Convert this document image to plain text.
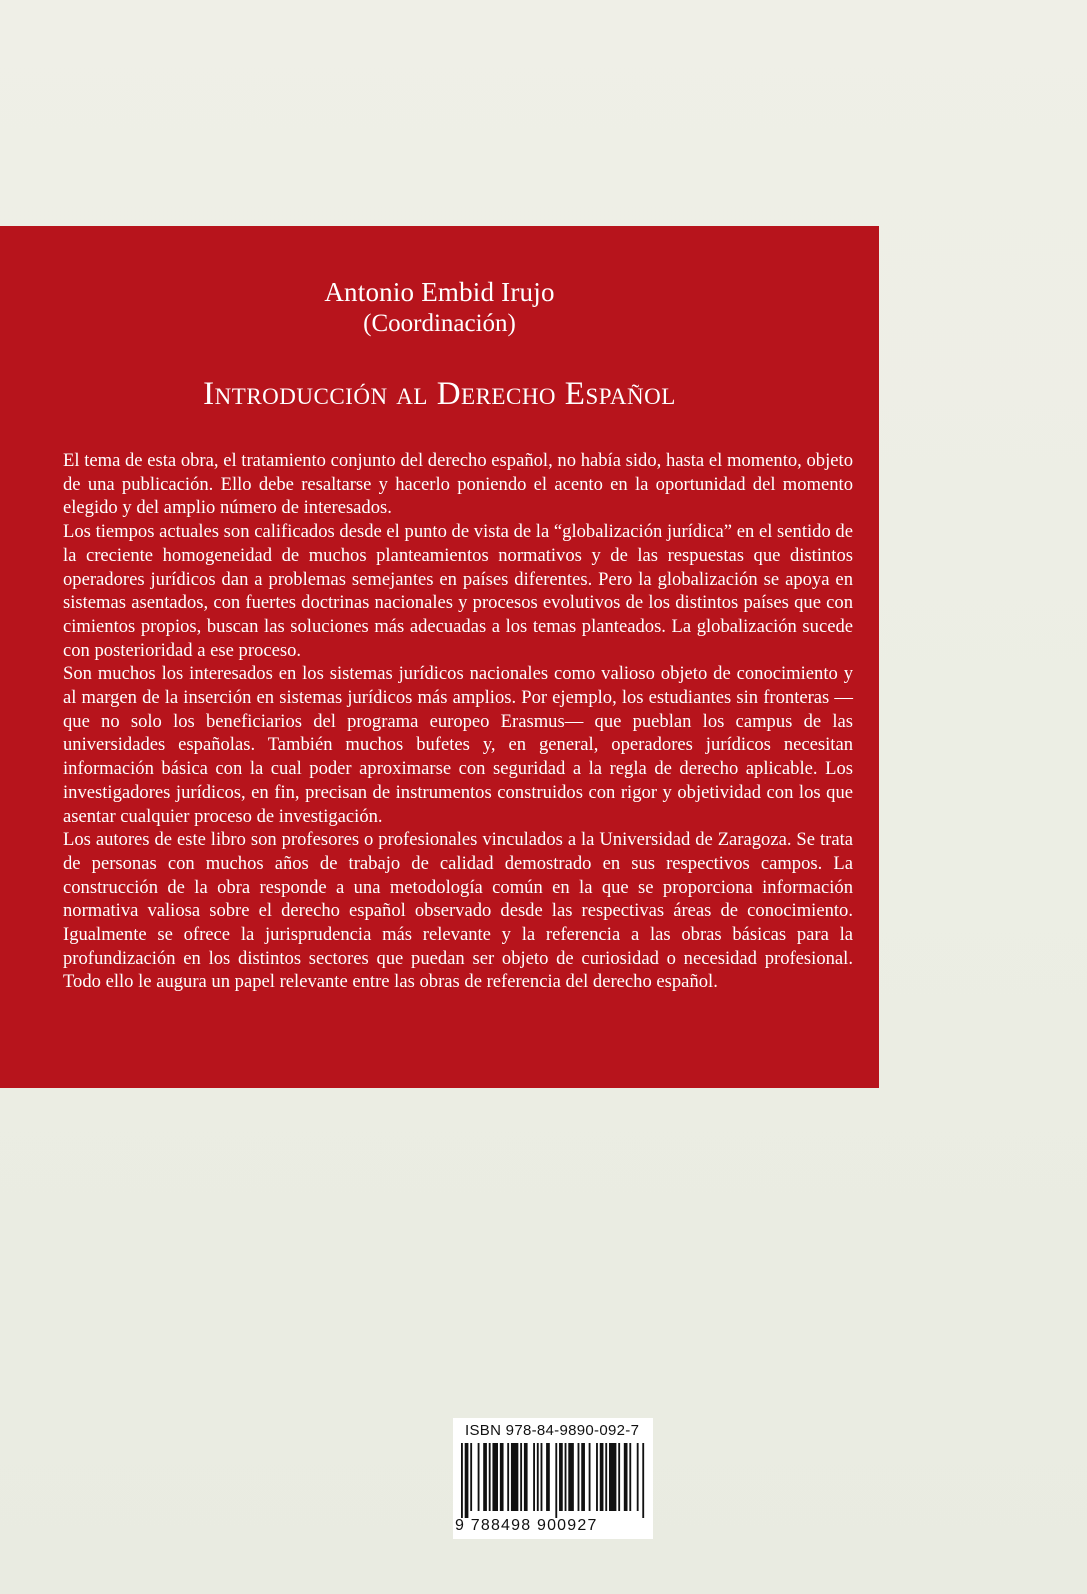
Antonio Embid Irujo
(Coordinación)
Introducción al Derecho Español

El tema de esta obra, el tratamiento conjunto del derecho español, no había sido, hasta el momento, objeto de una publicación. Ello debe resaltarse y hacerlo poniendo el acento en la oportunidad del momento elegido y del amplio número de interesados.

Los tiempos actuales son calificados desde el punto de vista de la “globalización jurídica” en el sentido de la creciente homogeneidad de muchos planteamientos normativos y de las respuestas que distintos operadores jurídicos dan a problemas semejantes en países diferentes. Pero la globalización se apoya en sistemas asentados, con fuertes doctrinas nacionales y procesos evolutivos de los distintos países que con cimientos propios, buscan las soluciones más adecuadas a los temas planteados. La globalización sucede con posterioridad a ese proceso.

Son muchos los interesados en los sistemas jurídicos nacionales como valioso objeto de conocimiento y al margen de la inserción en sistemas jurídicos más amplios. Por ejemplo, los estudiantes sin fronteras —que no solo los beneficiarios del programa europeo Erasmus— que pueblan los campus de las universidades españolas. También muchos bufetes y, en general, operadores jurídicos necesitan información básica con la cual poder aproximarse con seguridad a la regla de derecho aplicable. Los investigadores jurídicos, en fin, precisan de instrumentos construidos con rigor y objetividad con los que asentar cualquier proceso de investigación.

Los autores de este libro son profesores o profesionales vinculados a la Universidad de Zaragoza. Se trata de personas con muchos años de trabajo de calidad demostrado en sus respectivos campos. La construcción de la obra responde a una metodología común en la que se proporciona información normativa valiosa sobre el derecho español observado desde las respectivas áreas de conocimiento. Igualmente se ofrece la jurisprudencia más relevante y la referencia a las obras básicas para la profundización en los distintos sectores que puedan ser objeto de curiosidad o necesidad profesional. Todo ello le augura un papel relevante entre las obras de referencia del derecho español.

ISBN 978-84-9890-092-7
9 788498 900927
